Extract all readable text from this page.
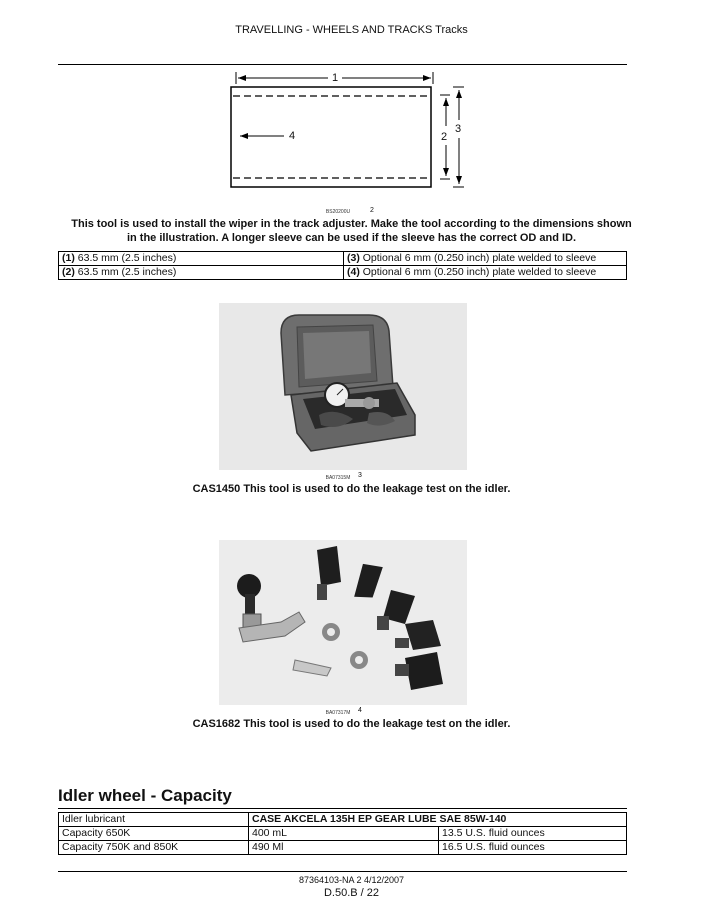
TRAVELLING - WHEELS AND TRACKS Tracks
1
4	2
3
BS20200U	2
This tool is used to install the wiper in the track adjuster. Make the tool according to the dimensions shown
in the illustration. A longer sleeve can be used if the sleeve has the correct OD and ID.
(1) 63.5 mm (2.5 inches)	(3) Optional 6 mm (0.250 inch) plate welded to sleeve
(2) 63.5 mm (2.5 inches)	(4) Optional 6 mm (0.250 inch) plate welded to sleeve
BA07315M	3
CAS1450 This tool is used to do the leakage test on the idler.
BA07317M	4
CAS1682 This tool is used to do the leakage test on the idler.
Idler wheel - Capacity
Idler lubricant	CASE AKCELA 135H EP GEAR LUBE SAE 85W-140	
Capacity 650K	400 mL	13.5 U.S. fluid ounces
Capacity 750K and 850K	490 Ml	16.5 U.S. fluid ounces
87364103-NA 2 4/12/2007
D.50.B / 22
